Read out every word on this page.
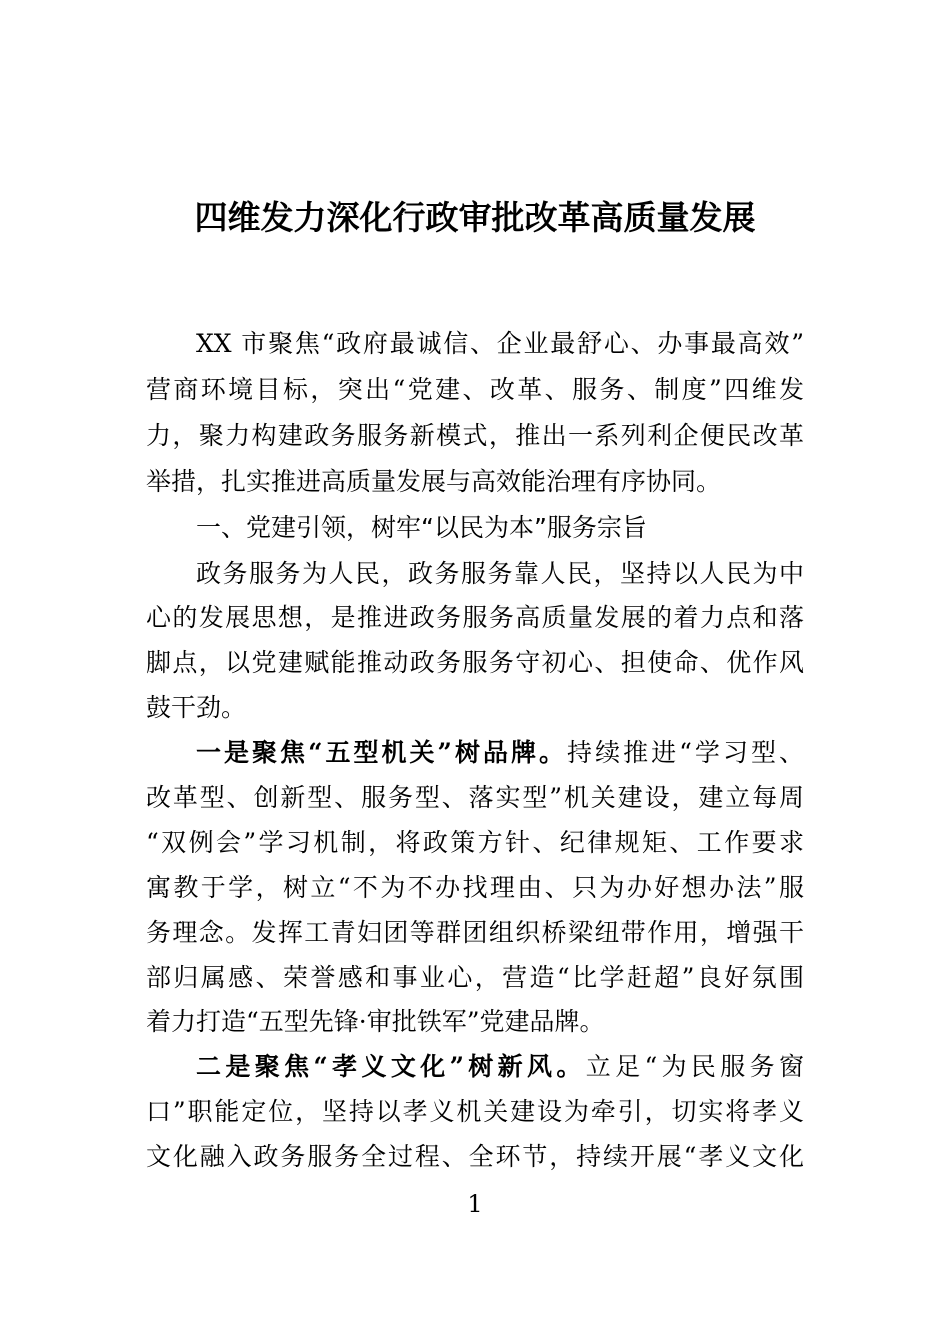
四维发力深化行政审批改革高质量发展
XX 市聚焦“政府最诚信、企业最舒心、办事最高效”
营商环境目标，突出“党建、改革、服务、制度”四维发
力，聚力构建政务服务新模式，推出一系列利企便民改革
举措，扎实推进高质量发展与高效能治理有序协同。
一、党建引领，树牢“以民为本”服务宗旨
政务服务为人民，政务服务靠人民，坚持以人民为中
心的发展思想，是推进政务服务高质量发展的着力点和落
脚点，以党建赋能推动政务服务守初心、担使命、优作风
鼓干劲。
一是聚焦“五型机关”树品牌。持续推进“学习型、
改革型、创新型、服务型、落实型”机关建设，建立每周
“双例会”学习机制，将政策方针、纪律规矩、工作要求
寓教于学，树立“不为不办找理由、只为办好想办法”服
务理念。发挥工青妇团等群团组织桥梁纽带作用，增强干
部归属感、荣誉感和事业心，营造“比学赶超”良好氛围
着力打造“五型先锋·审批铁军”党建品牌。
二是聚焦“孝义文化”树新风。立足“为民服务窗
口”职能定位，坚持以孝义机关建设为牵引，切实将孝义
文化融入政务服务全过程、全环节，持续开展“孝义文化
1
